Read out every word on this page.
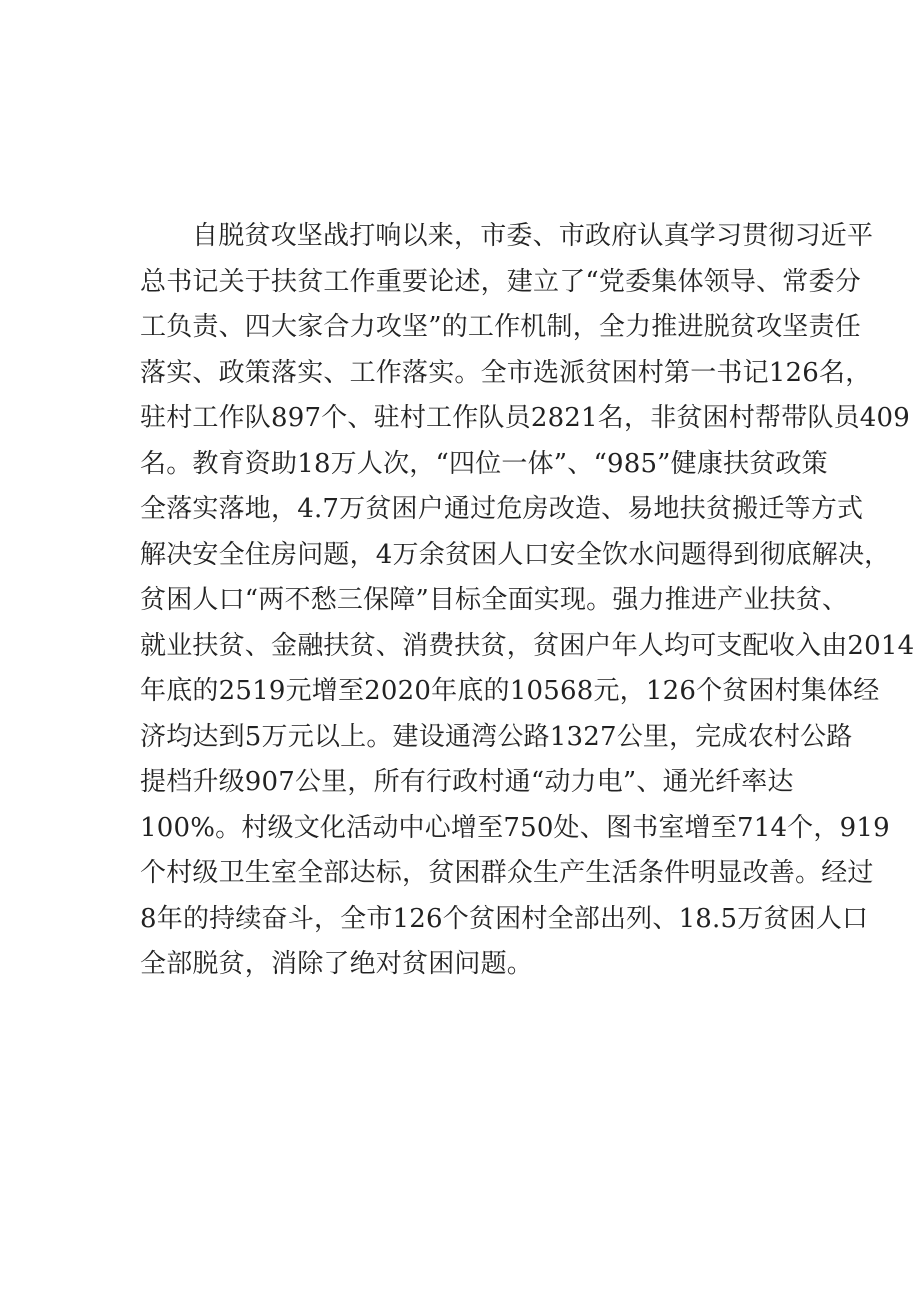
自脱贫攻坚战打响以来，市委、市政府认真学习贯彻习近平
总书记关于扶贫工作重要论述，建立了“党委集体领导、常委分
工负责、四大家合力攻坚”的工作机制，全力推进脱贫攻坚责任
落实、政策落实、工作落实。全市选派贫困村第一书记126名，
驻村工作队897个、驻村工作队员2821名，非贫困村帮带队员409
名。教育资助18万人次，“四位一体”、“985”健康扶贫政策
全落实落地，4.7万贫困户通过危房改造、易地扶贫搬迁等方式
解决安全住房问题，4万余贫困人口安全饮水问题得到彻底解决，
贫困人口“两不愁三保障”目标全面实现。强力推进产业扶贫、
就业扶贫、金融扶贫、消费扶贫，贫困户年人均可支配收入由2014
年底的2519元增至2020年底的10568元，126个贫困村集体经
济均达到5万元以上。建设通湾公路1327公里，完成农村公路
提档升级907公里，所有行政村通“动力电”、通光纤率达
100%。村级文化活动中心增至750处、图书室增至714个，919
个村级卫生室全部达标，贫困群众生产生活条件明显改善。经过
8年的持续奋斗，全市126个贫困村全部出列、18.5万贫困人口
全部脱贫，消除了绝对贫困问题。
